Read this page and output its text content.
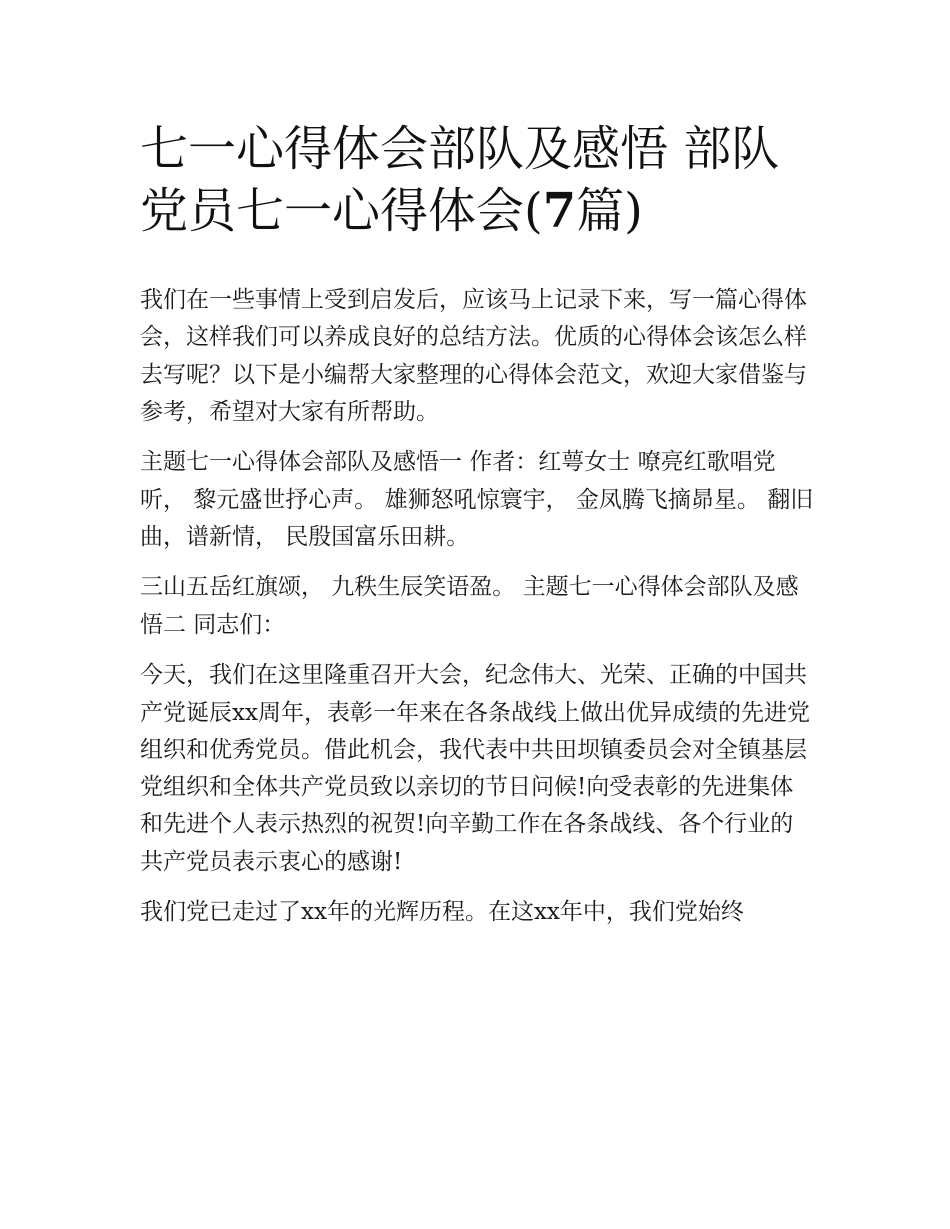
七一心得体会部队及感悟 部队
党员七一心得体会(7篇)

我们在一些事情上受到启发后，应该马上记录下来，写一篇心得体会，这样我们可以养成良好的总结方法。优质的心得体会该怎么样去写呢？以下是小编帮大家整理的心得体会范文，欢迎大家借鉴与参考，希望对大家有所帮助。

主题七一心得体会部队及感悟一 作者：红萼女士 嘹亮红歌唱党听， 黎元盛世抒心声。 雄狮怒吼惊寰宇， 金凤腾飞摘昴星。 翻旧曲，谱新情， 民殷国富乐田耕。

三山五岳红旗颂， 九秩生辰笑语盈。 主题七一心得体会部队及感悟二 同志们：

今天，我们在这里隆重召开大会，纪念伟大、光荣、正确的中国共产党诞辰xx周年，表彰一年来在各条战线上做出优异成绩的先进党组织和优秀党员。借此机会，我代表中共田坝镇委员会对全镇基层党组织和全体共产党员致以亲切的节日问候!向受表彰的先进集体和先进个人表示热烈的祝贺!向辛勤工作在各条战线、各个行业的共产党员表示衷心的感谢!

我们党已走过了xx年的光辉历程。在这xx年中，我们党始终
